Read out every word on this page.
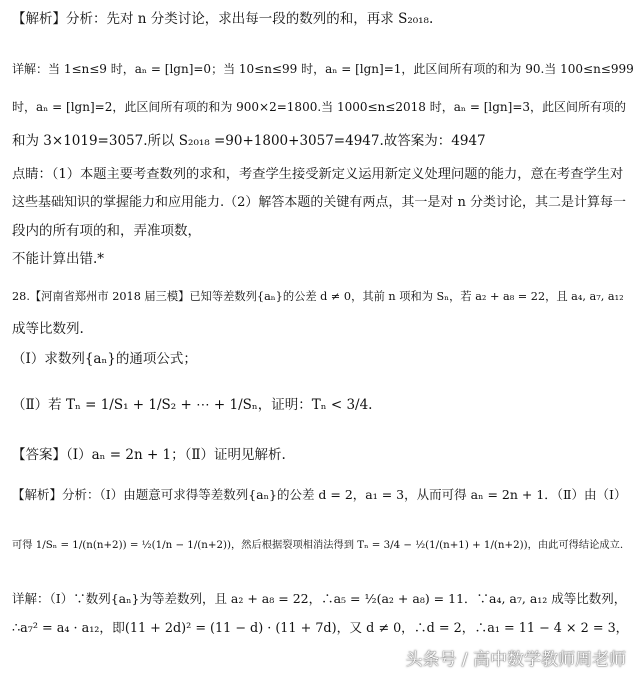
【解析】分析：先对 n 分类讨论，求出每一段的数列的和，再求 S₂₀₁₈.
详解：当 1≤n≤9 时，aₙ = [lgn]=0；当 10≤n≤99 时，aₙ = [lgn]=1，此区间所有项的和为 90.当 100≤n≤999
时，aₙ = [lgn]=2，此区间所有项的和为 900×2=1800.当 1000≤n≤2018 时，aₙ = [lgn]=3，此区间所有项的
和为 3×1019=3057.所以 S₂₀₁₈ =90+1800+3057=4947.故答案为：4947
点睛：（1）本题主要考查数列的求和，考查学生接受新定义运用新定义处理问题的能力，意在考查学生对
这些基础知识的掌握能力和应用能力.（2）解答本题的关键有两点，其一是对 n 分类讨论，其二是计算每一
段内的所有项的和，弄准项数，
不能计算出错.*
28.【河南省郑州市 2018 届三模】已知等差数列{aₙ}的公差 d ≠ 0，其前 n 项和为 Sₙ，若 a₂ + a₈ = 22，且 a₄, a₇, a₁₂
成等比数列.
（Ⅰ）求数列{aₙ}的通项公式；
（Ⅱ）若 Tₙ = 1/S₁ + 1/S₂ + ⋯ + 1/Sₙ，证明：Tₙ < 3/4.
【答案】（Ⅰ）aₙ = 2n + 1；（Ⅱ）证明见解析.
【解析】分析：（Ⅰ）由题意可求得等差数列{aₙ}的公差 d = 2，a₁ = 3，从而可得 aₙ = 2n + 1．（Ⅱ）由（Ⅰ）
可得 1/Sₙ = 1/(n(n+2)) = ½(1/n − 1/(n+2))，然后根据裂项相消法得到 Tₙ = 3/4 − ½(1/(n+1) + 1/(n+2))，由此可得结论成立.
详解：（Ⅰ）∵数列{aₙ}为等差数列，且 a₂ + a₈ = 22，∴a₅ = ½(a₂ + a₈) = 11．∵a₄, a₇, a₁₂ 成等比数列，
∴a₇² = a₄ · a₁₂，即(11 + 2d)² = (11 − d) · (11 + 7d)，又 d ≠ 0，∴d = 2，∴a₁ = 11 − 4 × 2 = 3，
头条号 / 高中数学教师周老师
